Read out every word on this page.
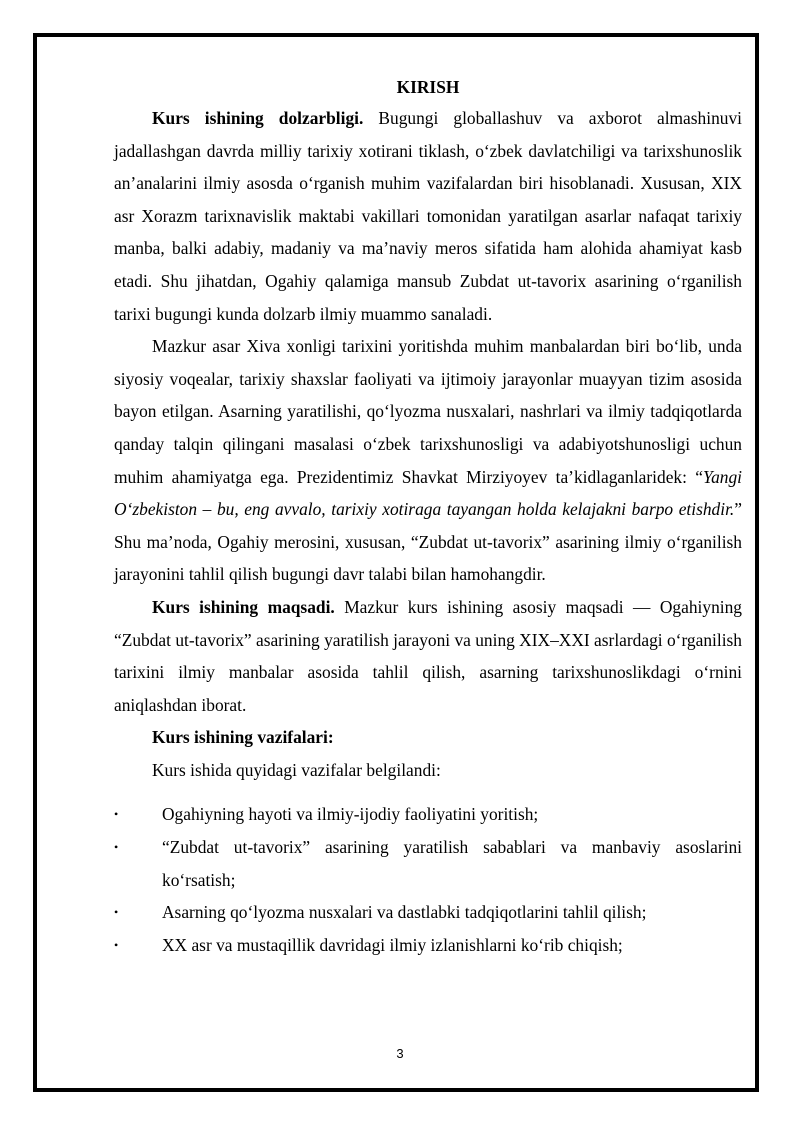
KIRISH

Kurs ishining dolzarbligi. Bugungi globallashuv va axborot almashinuvi jadallashgan davrda milliy tarixiy xotirani tiklash, o‘zbek davlatchiligi va tarixshunoslik an’analarini ilmiy asosda o‘rganish muhim vazifalardan biri hisoblanadi. Xususan, XIX asr Xorazm tarixnavislik maktabi vakillari tomonidan yaratilgan asarlar nafaqat tarixiy manba, balki adabiy, madaniy va ma’naviy meros sifatida ham alohida ahamiyat kasb etadi. Shu jihatdan, Ogahiy qalamiga mansub Zubdat ut-tavorix asarining o‘rganilish tarixi bugungi kunda dolzarb ilmiy muammo sanaladi.

Mazkur asar Xiva xonligi tarixini yoritishda muhim manbalardan biri bo‘lib, unda siyosiy voqealar, tarixiy shaxslar faoliyati va ijtimoiy jarayonlar muayyan tizim asosida bayon etilgan. Asarning yaratilishi, qo‘lyozma nusxalari, nashrlari va ilmiy tadqiqotlarda qanday talqin qilingani masalasi o‘zbek tarixshunosligi va adabiyotshunosligi uchun muhim ahamiyatga ega. Prezidentimiz Shavkat Mirziyoyev ta’kidlaganlaridek: “Yangi O‘zbekiston – bu, eng avvalo, tarixiy xotiraga tayangan holda kelajakni barpo etishdir.” Shu ma’noda, Ogahiy merosini, xususan, “Zubdat ut-tavorix” asarining ilmiy o‘rganilish jarayonini tahlil qilish bugungi davr talabi bilan hamohangdir.

Kurs ishining maqsadi. Mazkur kurs ishining asosiy maqsadi — Ogahiyning “Zubdat ut-tavorix” asarining yaratilish jarayoni va uning XIX–XXI asrlardagi o‘rganilish tarixini ilmiy manbalar asosida tahlil qilish, asarning tarixshunoslikdagi o‘rnini aniqlashdan iborat.

Kurs ishining vazifalari:

Kurs ishida quyidagi vazifalar belgilandi:

•	Ogahiyning hayoti va ilmiy-ijodiy faoliyatini yoritish;
•	“Zubdat ut-tavorix” asarining yaratilish sabablari va manbaviy asoslarini ko‘rsatish;
•	Asarning qo‘lyozma nusxalari va dastlabki tadqiqotlarini tahlil qilish;
•	XX asr va mustaqillik davridagi ilmiy izlanishlarni ko‘rib chiqish;
3
